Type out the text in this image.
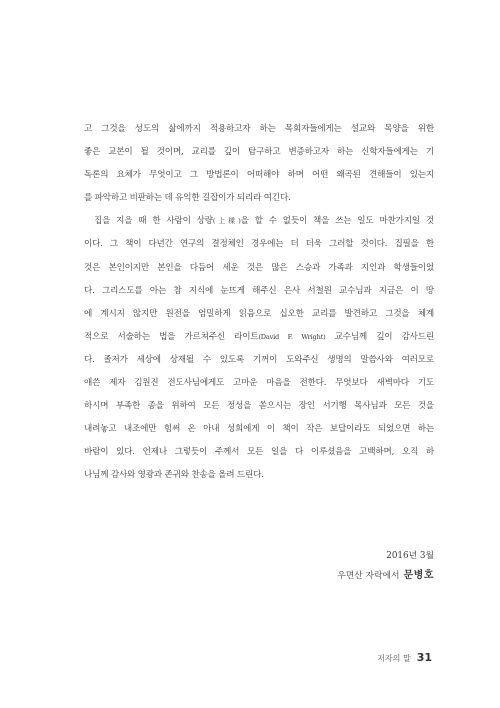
고 그것을 성도의 삶에까지 적용하고자 하는 목회자들에게는 설교와 목양을 위한
좋은 교본이 될 것이며, 교리를 깊이 탐구하고 변증하고자 하는 신학자들에게는 기
독론의 요체가 무엇이고 그 방법론이 어떠해야 하며 어떤 왜곡된 견해들이 있는지
를 파악하고 비판하는 데 유익한 길잡이가 되리라 여긴다.
집을 지을 때 한 사람이 상량(上樑)을 할 수 없듯이 책을 쓰는 일도 마찬가지일 것
이다. 그 책이 다년간 연구의 결정체인 경우에는 더 더욱 그러할 것이다. 집필을 한
것은 본인이지만 본인을 다듬어 세운 것은 많은 스승과 가족과 지인과 학생들이었
다. 그리스도를 아는 참 지식에 눈뜨게 해주신 은사 서철원 교수님과 지금은 이 땅
에 계시지 않지만 원전을 엄밀하게 읽음으로 십오한 교리를 발견하고 그것을 체계
적으로 서술하는 법을 가르쳐주신 라이트(David F. Wright) 교수님께 깊이 감사드린
다. 졸저가 세상에 상재될 수 있도록 기꺼이 도와주신 생명의 말씀사와 여러모로
애쓴 제자 김원진 전도사님에게도 고마운 마음을 전한다. 무엇보다 새벽마다 기도
하시며 부족한 종을 위하여 모든 정성을 쏟으시는 장인 서기행 목사님과 모든 것을
내려놓고 내조에만 힘써 온 아내 성희에게 이 책이 작은 보답이라도 되었으면 하는
바람이 있다. 언제나 그렇듯이 주께서 모든 일을 다 이루셨음을 고백하며, 오직 하
나님께 감사와 영광과 존귀와 찬송을 올려 드린다.
2016년 3월
우면산 자락에서 문병호
저자의 말 31
